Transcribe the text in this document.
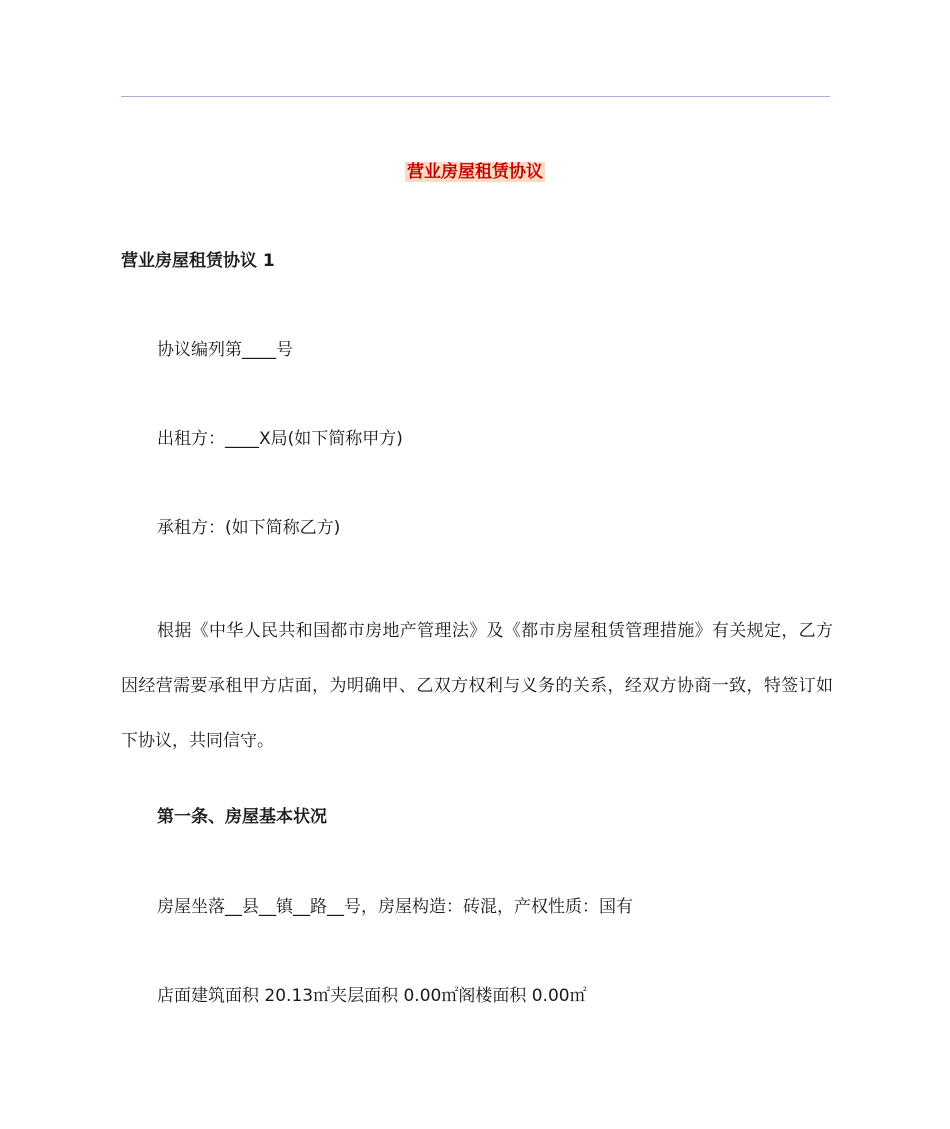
营业房屋租赁协议
营业房屋租赁协议 1
协议编列第____号
出租方：____X局(如下简称甲方)
承租方：(如下简称乙方)
根据《中华人民共和国都市房地产管理法》及《都市房屋租赁管理措施》有关规定，乙方因经营需要承租甲方店面，为明确甲、乙双方权利与义务的关系，经双方协商一致，特签订如下协议，共同信守。
第一条、房屋基本状况
房屋坐落__县__镇__路__号，房屋构造：砖混，产权性质：国有
店面建筑面积 20.13㎡夹层面积 0.00㎡阁楼面积 0.00㎡
